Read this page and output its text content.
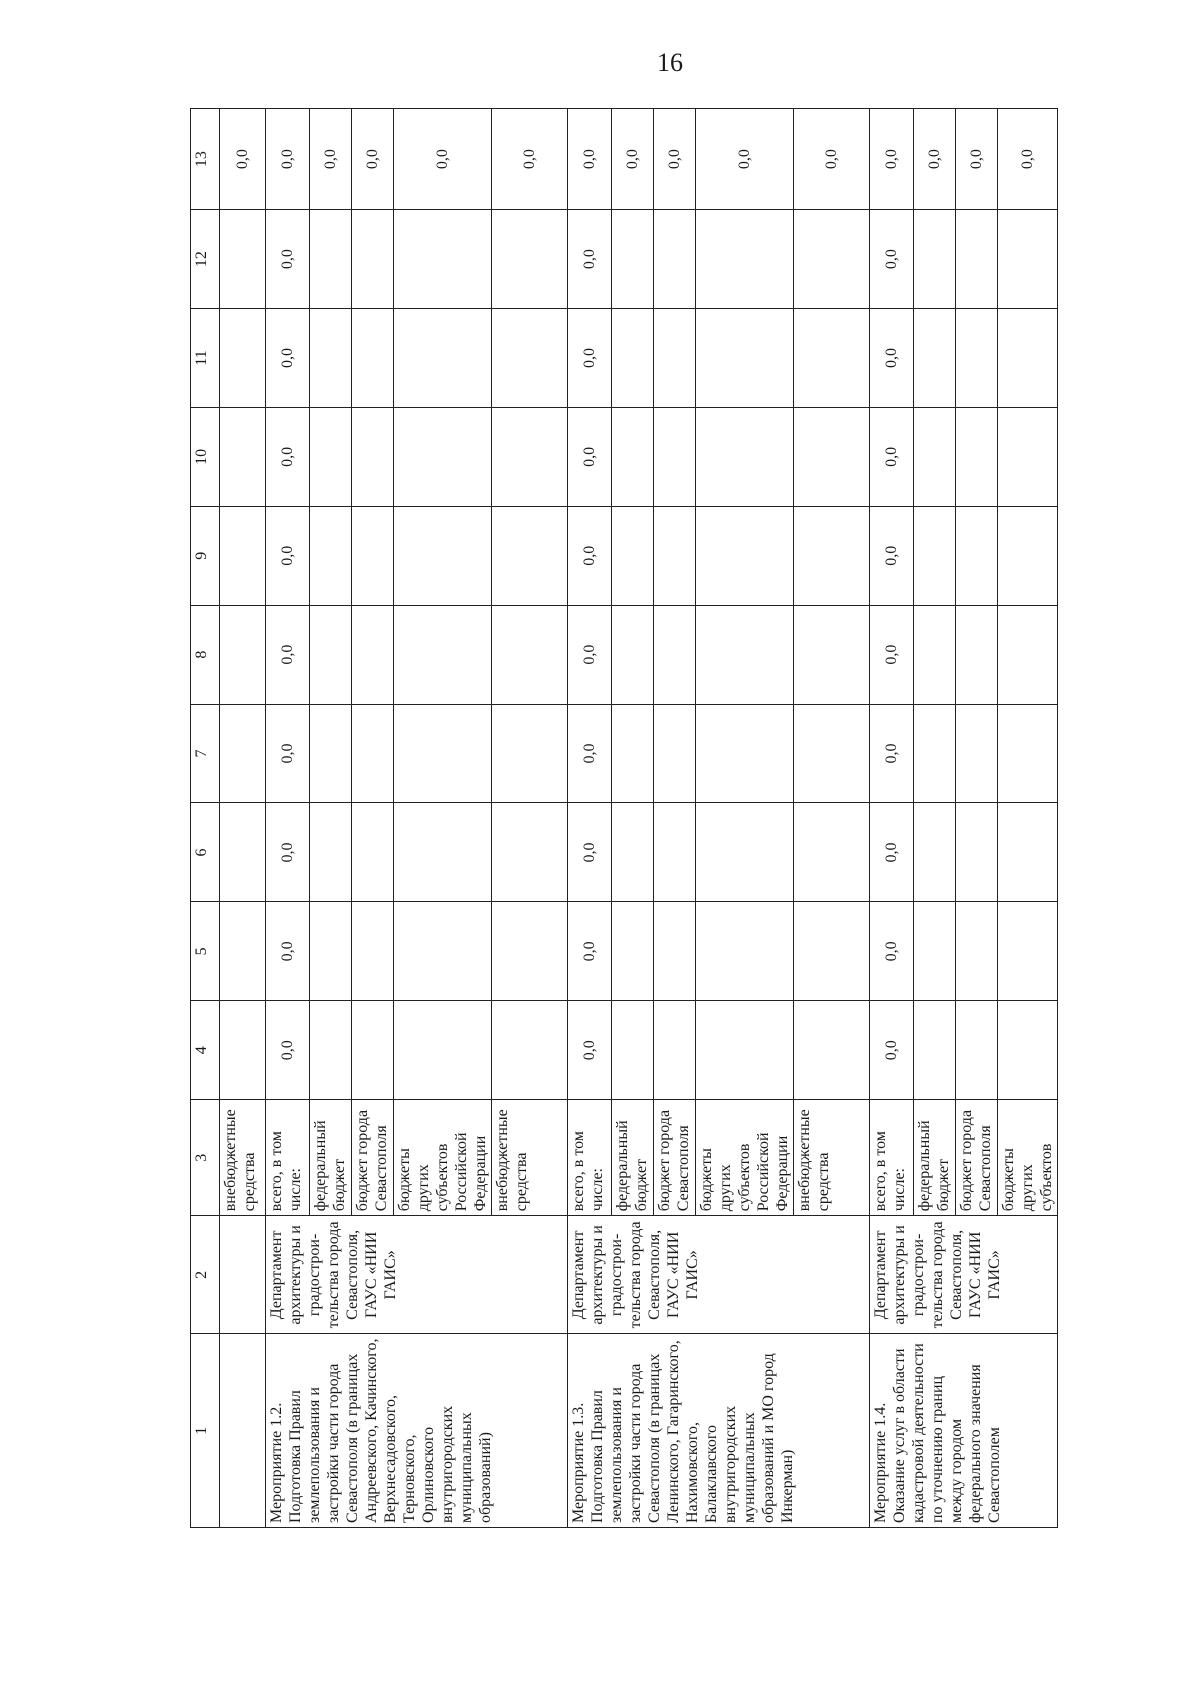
16
1	2	3	4	5	6	7	8	9	10	11	12	13
		внебюджетные средства										0,0
Мероприятие 1.2. Подготовка Правил землепользования и застройки части города Севастополя (в границах Андреевского, Качинского, Верхнесадовского, Терновского, Орлиновского внутригородских муниципальных образований)	Департамент архитектуры и градострои-тельства города Севастополя, ГАУС «НИИ ГАИС»	всего, в том числе:	0,0	0,0	0,0	0,0	0,0	0,0	0,0	0,0	0,0	0,0
		федеральный бюджет										0,0
		бюджет города Севастополя										0,0
		бюджеты других субъектов Российской Федерации										0,0
		внебюджетные средства										0,0
Мероприятие 1.3. Подготовка Правил землепользования и застройки части города Севастополя (в границах Ленинского, Гагаринского, Нахимовского, Балаклавского внутригородских муниципальных образований и МО город Инкерман)	Департамент архитектуры и градострои-тельства города Севастополя, ГАУС «НИИ ГАИС»	всего, в том числе:	0,0	0,0	0,0	0,0	0,0	0,0	0,0	0,0	0,0	0,0
		федеральный бюджет										0,0
		бюджет города Севастополя										0,0
		бюджеты других субъектов Российской Федерации										0,0
		внебюджетные средства										0,0
Мероприятие 1.4. Оказание услуг в области кадастровой деятельности по уточнению границ между городом федерального значения Севастополем	Департамент архитектуры и градострои-тельства города Севастополя, ГАУС «НИИ ГАИС»	всего, в том числе:	0,0	0,0	0,0	0,0	0,0	0,0	0,0	0,0	0,0	0,0
		федеральный бюджет										0,0
		бюджет города Севастополя										0,0
		бюджеты других субъектов										0,0
